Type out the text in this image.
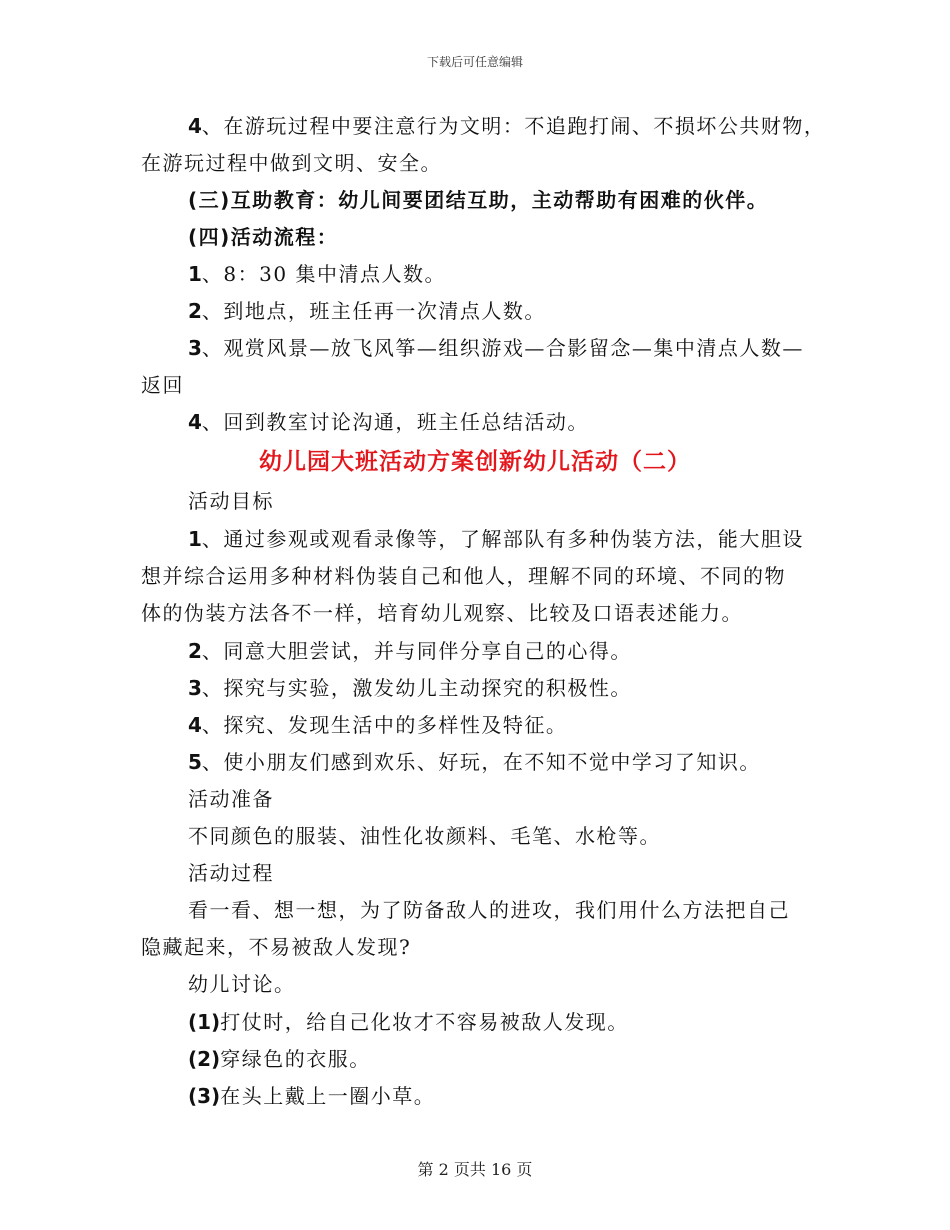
下载后可任意编辑
4、在游玩过程中要注意行为文明：不追跑打闹、不损坏公共财物，
在游玩过程中做到文明、安全。
(三)互助教育：幼儿间要团结互助，主动帮助有困难的伙伴。
(四)活动流程：
1、8：30 集中清点人数。
2、到地点，班主任再一次清点人数。
3、观赏风景—放飞风筝—组织游戏—合影留念—集中清点人数—
返回
4、回到教室讨论沟通，班主任总结活动。
幼儿园大班活动方案创新幼儿活动（二）
活动目标
1、通过参观或观看录像等，了解部队有多种伪装方法，能大胆设
想并综合运用多种材料伪装自己和他人，理解不同的环境、不同的物
体的伪装方法各不一样，培育幼儿观察、比较及口语表述能力。
2、同意大胆尝试，并与同伴分享自己的心得。
3、探究与实验，激发幼儿主动探究的积极性。
4、探究、发现生活中的多样性及特征。
5、使小朋友们感到欢乐、好玩，在不知不觉中学习了知识。
活动准备
不同颜色的服装、油性化妆颜料、毛笔、水枪等。
活动过程
看一看、想一想，为了防备敌人的进攻，我们用什么方法把自己
隐藏起来，不易被敌人发现?
幼儿讨论。
(1)打仗时，给自己化妆才不容易被敌人发现。
(2)穿绿色的衣服。
(3)在头上戴上一圈小草。
第 2 页共 16 页
